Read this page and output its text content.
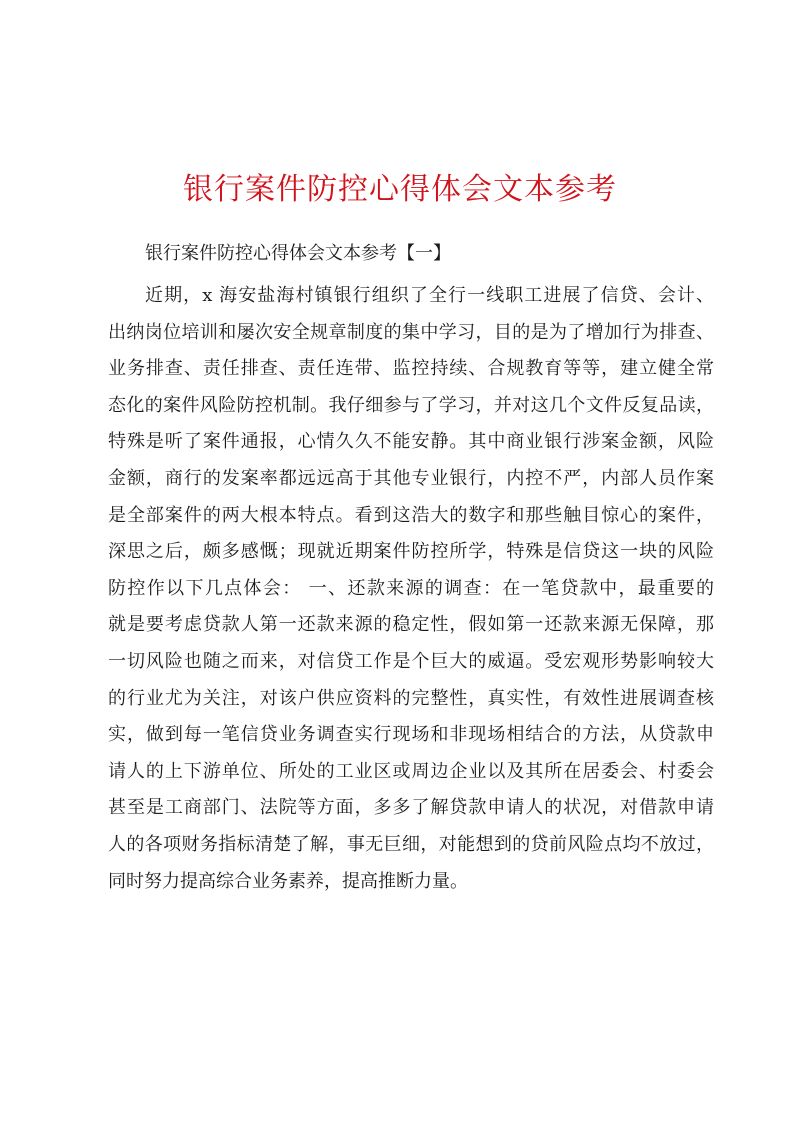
银行案件防控心得体会文本参考

银行案件防控心得体会文本参考【一】

近期，x 海安盐海村镇银行组织了全行一线职工进展了信贷、会计、
出纳岗位培训和屡次安全规章制度的集中学习，目的是为了增加行为排查、
业务排查、责任排查、责任连带、监控持续、合规教育等等，建立健全常
态化的案件风险防控机制。我仔细参与了学习，并对这几个文件反复品读，
特殊是听了案件通报，心情久久不能安静。其中商业银行涉案金额，风险
金额，商行的发案率都远远高于其他专业银行，内控不严，内部人员作案
是全部案件的两大根本特点。看到这浩大的数字和那些触目惊心的案件，
深思之后，颇多感慨；现就近期案件防控所学，特殊是信贷这一块的风险
防控作以下几点体会： 一、还款来源的调查：在一笔贷款中，最重要的
就是要考虑贷款人第一还款来源的稳定性，假如第一还款来源无保障，那
一切风险也随之而来，对信贷工作是个巨大的威逼。受宏观形势影响较大
的行业尤为关注，对该户供应资料的完整性，真实性，有效性进展调查核
实，做到每一笔信贷业务调查实行现场和非现场相结合的方法，从贷款申
请人的上下游单位、所处的工业区或周边企业以及其所在居委会、村委会
甚至是工商部门、法院等方面，多多了解贷款申请人的状况，对借款申请
人的各项财务指标清楚了解，事无巨细，对能想到的贷前风险点均不放过，
同时努力提高综合业务素养，提高推断力量。
